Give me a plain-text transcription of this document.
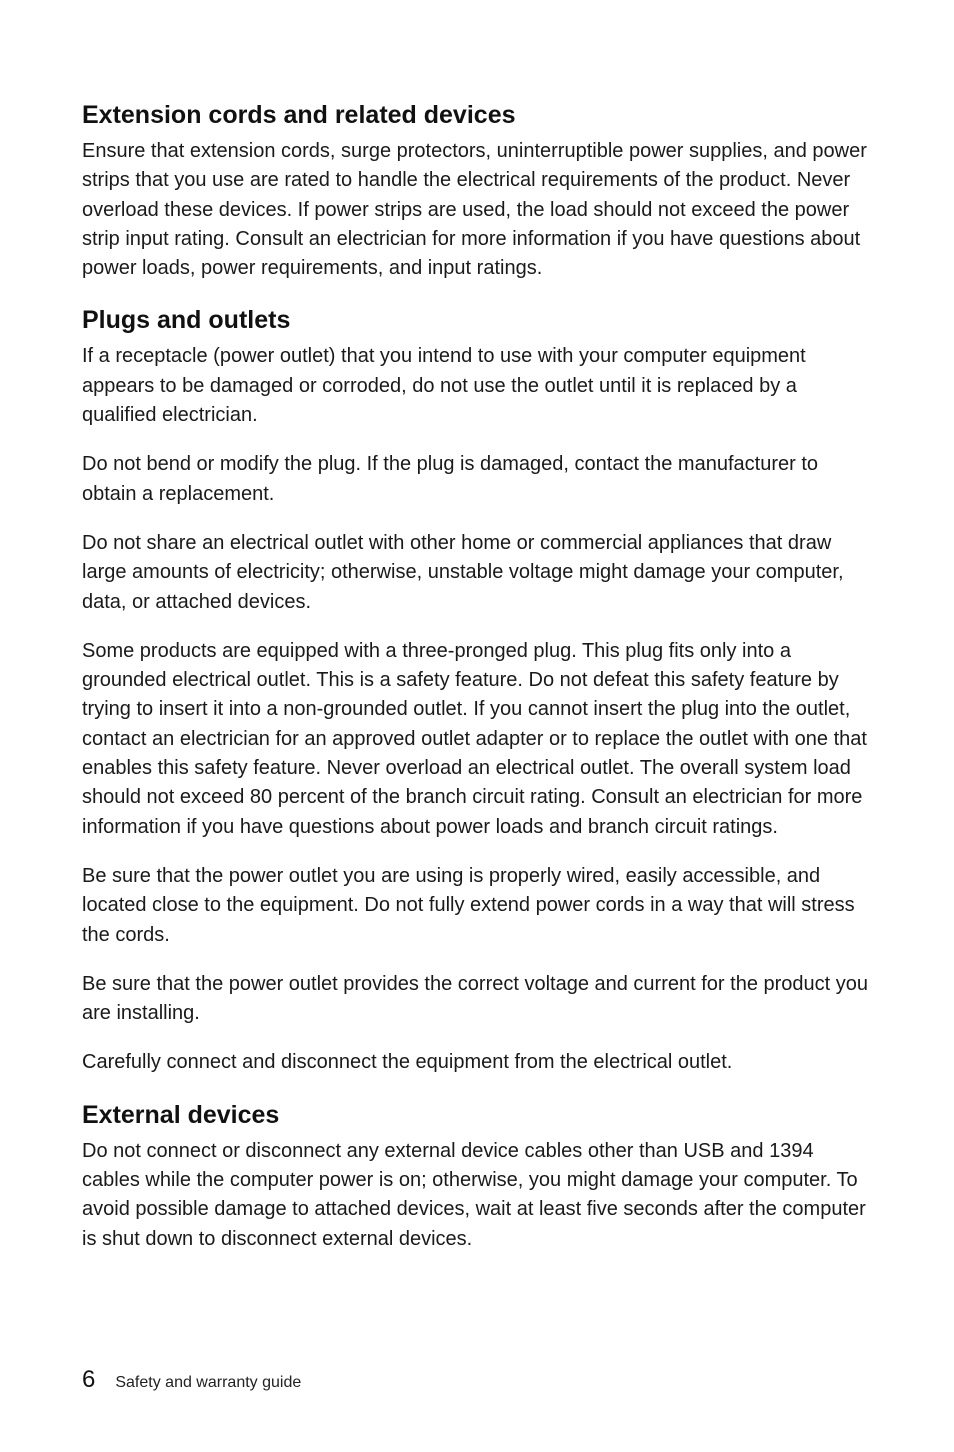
Extension cords and related devices

Ensure that extension cords, surge protectors, uninterruptible power supplies, and power strips that you use are rated to handle the electrical requirements of the product. Never overload these devices. If power strips are used, the load should not exceed the power strip input rating. Consult an electrician for more information if you have questions about power loads, power requirements, and input ratings.

Plugs and outlets

If a receptacle (power outlet) that you intend to use with your computer equipment appears to be damaged or corroded, do not use the outlet until it is replaced by a qualified electrician.

Do not bend or modify the plug. If the plug is damaged, contact the manufacturer to obtain a replacement.

Do not share an electrical outlet with other home or commercial appliances that draw large amounts of electricity; otherwise, unstable voltage might damage your computer, data, or attached devices.

Some products are equipped with a three-pronged plug. This plug fits only into a grounded electrical outlet. This is a safety feature. Do not defeat this safety feature by trying to insert it into a non-grounded outlet. If you cannot insert the plug into the outlet, contact an electrician for an approved outlet adapter or to replace the outlet with one that enables this safety feature. Never overload an electrical outlet. The overall system load should not exceed 80 percent of the branch circuit rating. Consult an electrician for more information if you have questions about power loads and branch circuit ratings.

Be sure that the power outlet you are using is properly wired, easily accessible, and located close to the equipment. Do not fully extend power cords in a way that will stress the cords.

Be sure that the power outlet provides the correct voltage and current for the product you are installing.

Carefully connect and disconnect the equipment from the electrical outlet.

External devices

Do not connect or disconnect any external device cables other than USB and 1394 cables while the computer power is on; otherwise, you might damage your computer. To avoid possible damage to attached devices, wait at least five seconds after the computer is shut down to disconnect external devices.

6 Safety and warranty guide
